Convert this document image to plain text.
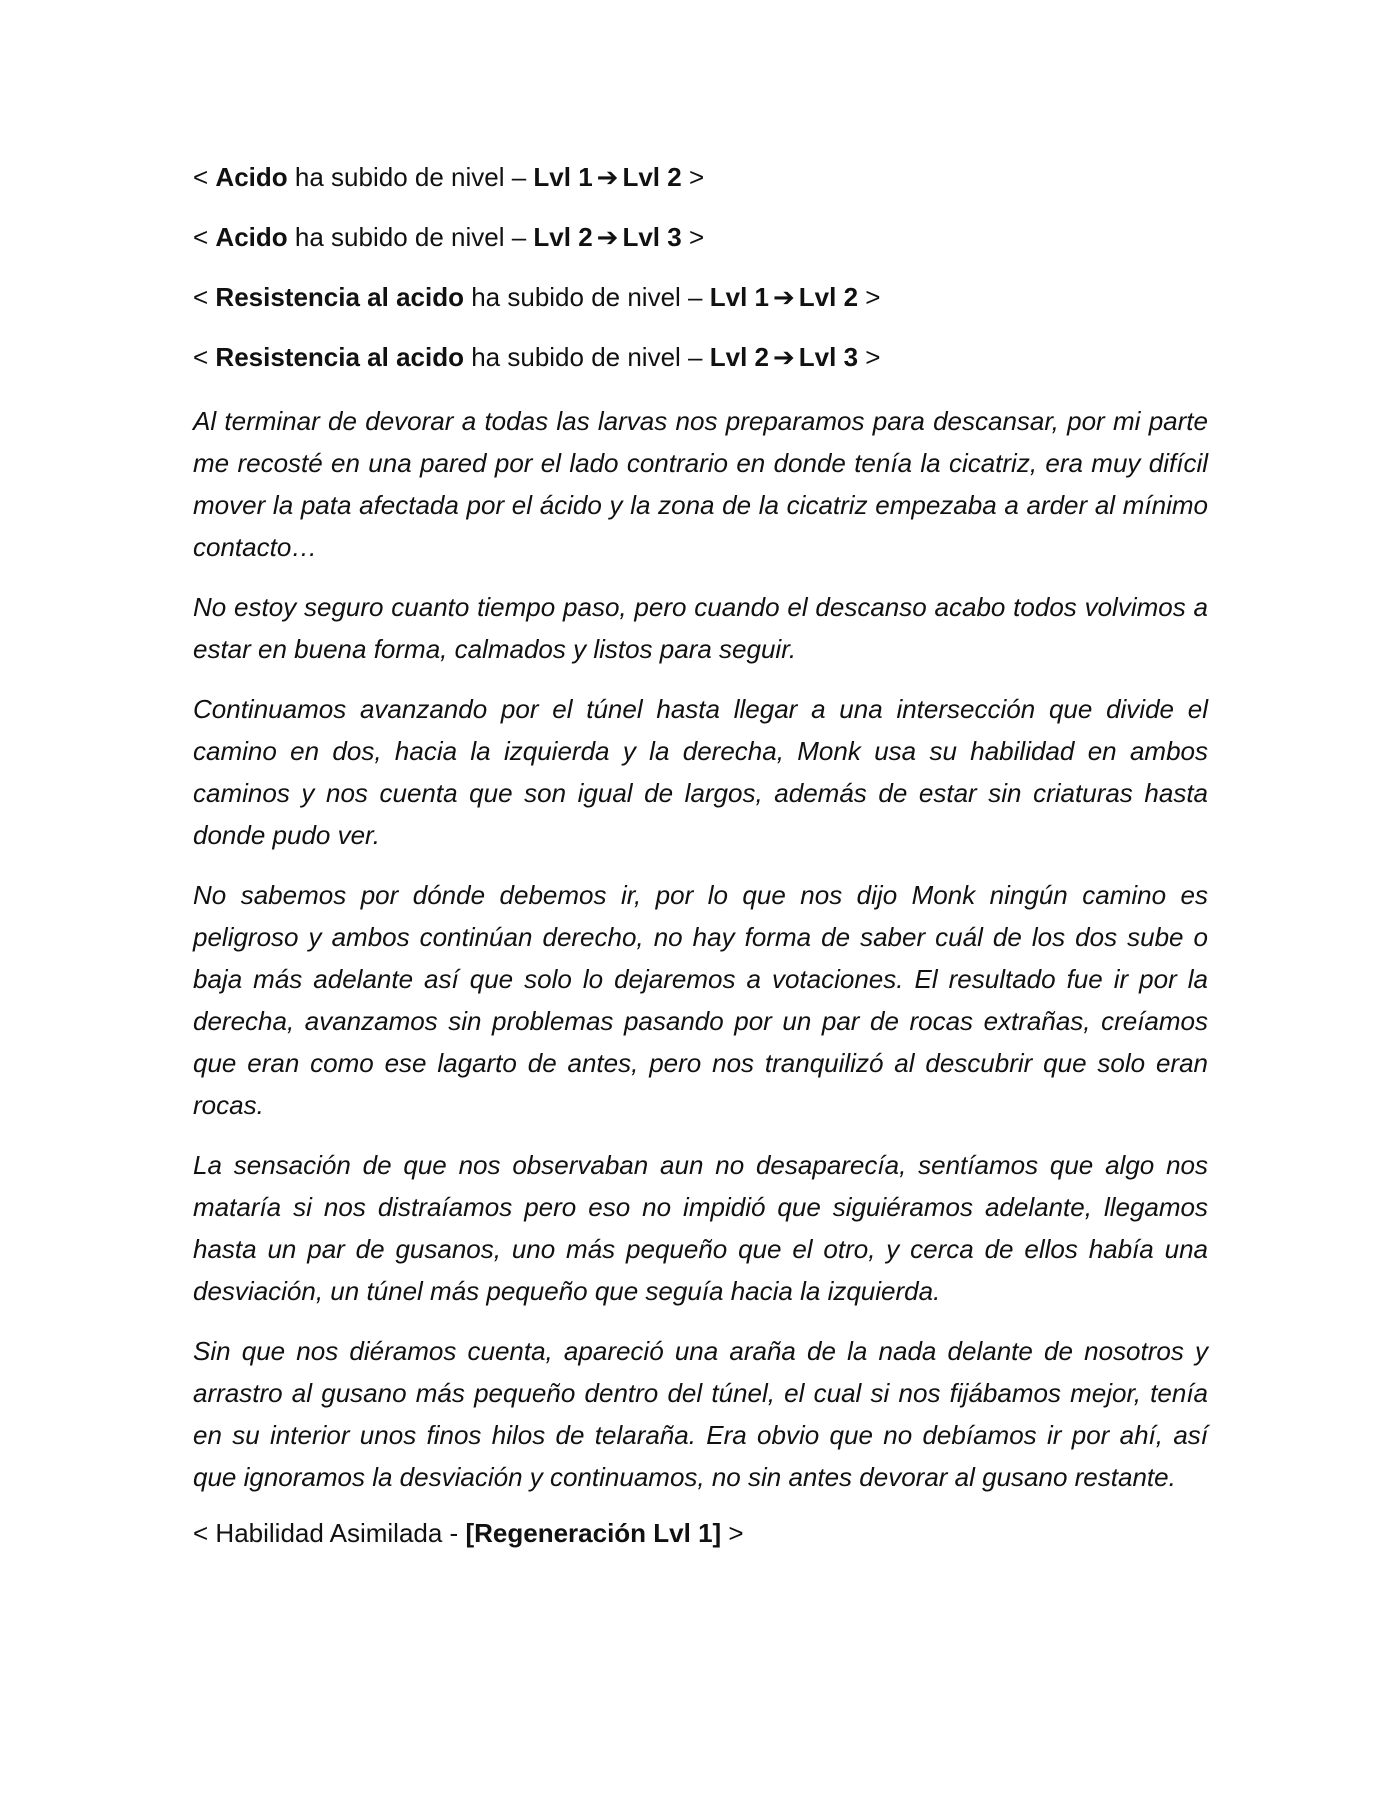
< Acido ha subido de nivel – Lvl 1 ➔ Lvl 2 >
< Acido ha subido de nivel – Lvl 2 ➔ Lvl 3 >
< Resistencia al acido ha subido de nivel – Lvl 1 ➔ Lvl 2 >
< Resistencia al acido ha subido de nivel – Lvl 2 ➔ Lvl 3 >

Al terminar de devorar a todas las larvas nos preparamos para descansar, por mi parte me recosté en una pared por el lado contrario en donde tenía la cicatriz, era muy difícil mover la pata afectada por el ácido y la zona de la cicatriz empezaba a arder al mínimo contacto…

No estoy seguro cuanto tiempo paso, pero cuando el descanso acabo todos volvimos a estar en buena forma, calmados y listos para seguir.

Continuamos avanzando por el túnel hasta llegar a una intersección que divide el camino en dos, hacia la izquierda y la derecha, Monk usa su habilidad en ambos caminos y nos cuenta que son igual de largos, además de estar sin criaturas hasta donde pudo ver.

No sabemos por dónde debemos ir, por lo que nos dijo Monk ningún camino es peligroso y ambos continúan derecho, no hay forma de saber cuál de los dos sube o baja más adelante así que solo lo dejaremos a votaciones. El resultado fue ir por la derecha, avanzamos sin problemas pasando por un par de rocas extrañas, creíamos que eran como ese lagarto de antes, pero nos tranquilizó al descubrir que solo eran rocas.

La sensación de que nos observaban aun no desaparecía, sentíamos que algo nos mataría si nos distraíamos pero eso no impidió que siguiéramos adelante, llegamos hasta un par de gusanos, uno más pequeño que el otro, y cerca de ellos había una desviación, un túnel más pequeño que seguía hacia la izquierda.

Sin que nos diéramos cuenta, apareció una araña de la nada delante de nosotros y arrastro al gusano más pequeño dentro del túnel, el cual si nos fijábamos mejor, tenía en su interior unos finos hilos de telaraña. Era obvio que no debíamos ir por ahí, así que ignoramos la desviación y continuamos, no sin antes devorar al gusano restante.

< Habilidad Asimilada - [Regeneración Lvl 1] >
